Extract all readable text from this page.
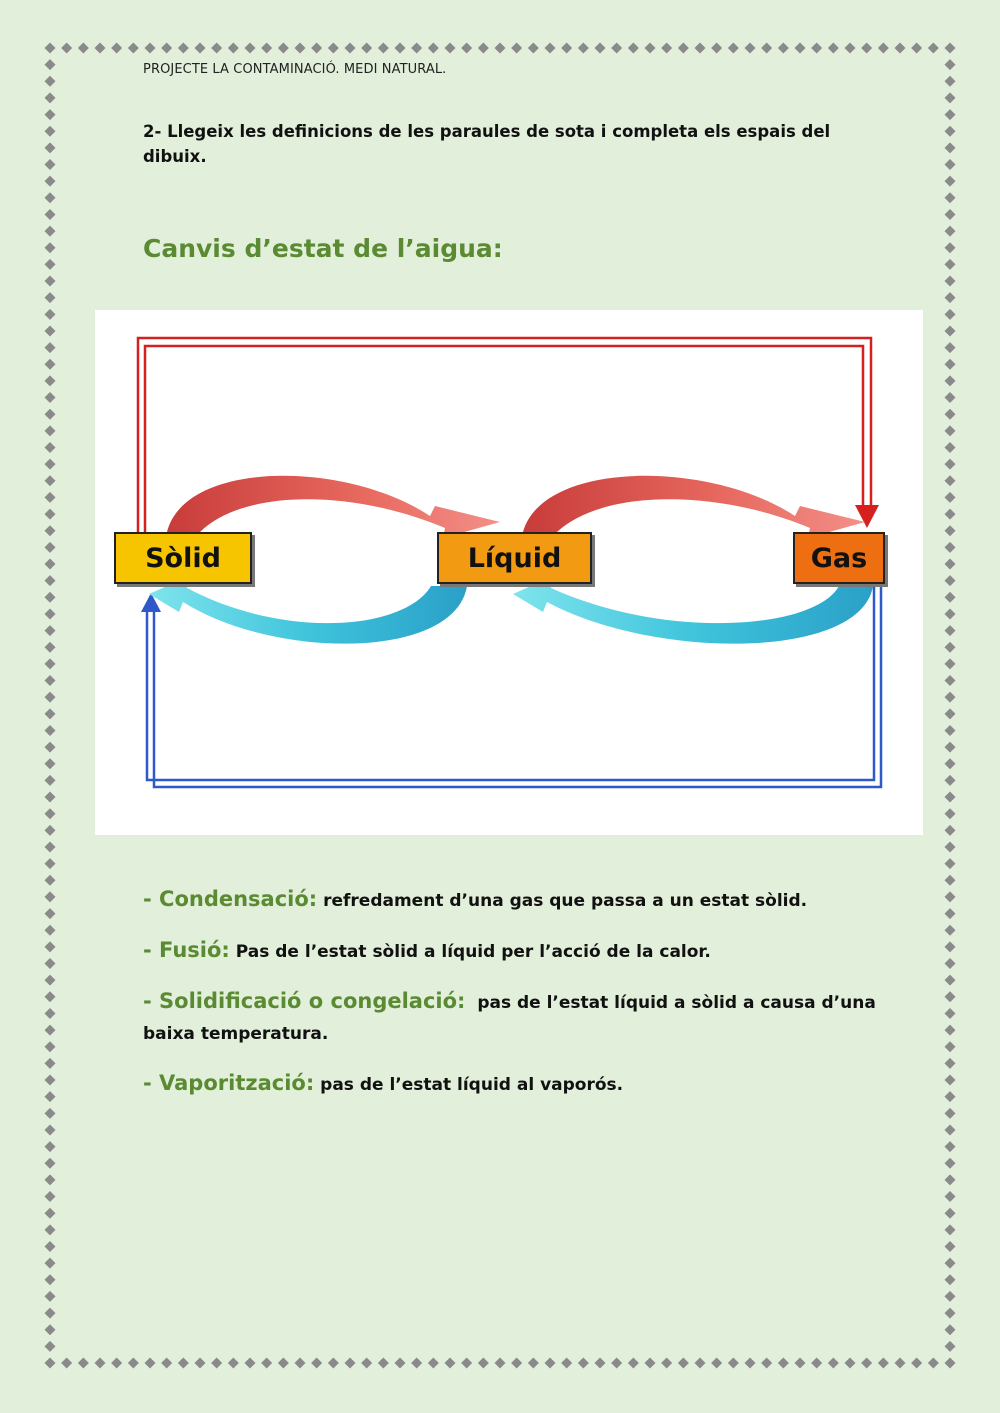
PROJECTE LA CONTAMINACIÓ. MEDI NATURAL.
2- Llegeix les definicions de les paraules de sota i completa els espais del dibuix.
Canvis d’estat de l’aigua:
Sòlid	Líquid	Gas
- Condensació: refredament d’una gas que passa a un estat sòlid.
- Fusió: Pas de l’estat sòlid a líquid per l’acció de la calor.
- Solidificació o congelació: pas de l’estat líquid a sòlid a causa d’una baixa temperatura.
- Vaporització: pas de l’estat líquid al vaporós.
